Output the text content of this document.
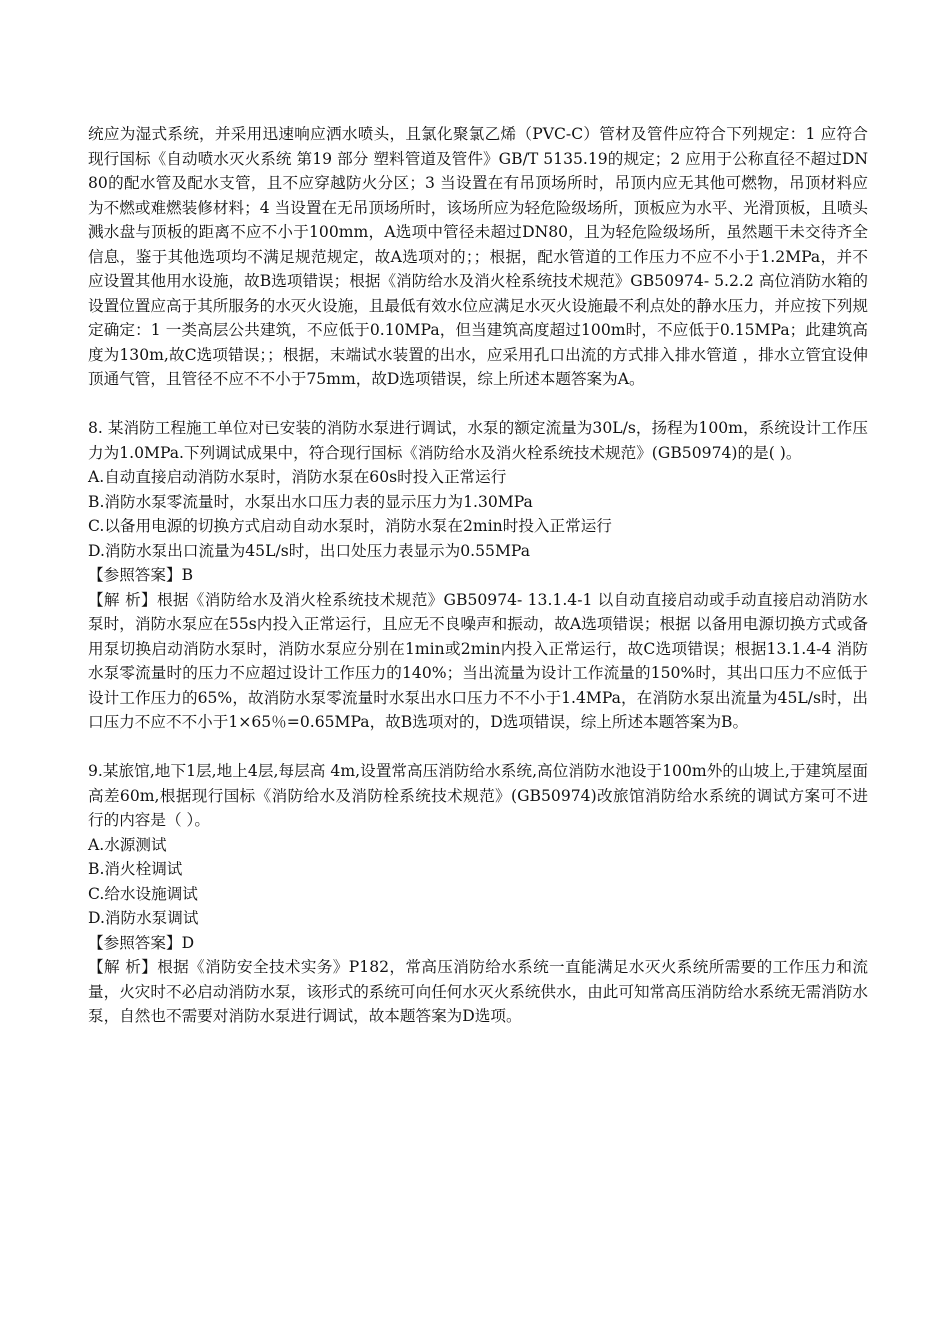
统应为湿式系统，并采用迅速响应洒水喷头，且氯化聚氯乙烯（PVC-C）管材及管件应符合下列规定：1 应符合现行国标《自动喷水灭火系统 第19 部分 塑料管道及管件》GB/T 5135.19的规定；2 应用于公称直径不超过DN80的配水管及配水支管，且不应穿越防火分区；3 当设置在有吊顶场所时，吊顶内应无其他可燃物，吊顶材料应为不燃或难燃装修材料；4 当设置在无吊顶场所时，该场所应为轻危险级场所，顶板应为水平、光滑顶板，且喷头溅水盘与顶板的距离不应不小于100mm，A选项中管径未超过DN80，且为轻危险级场所，虽然题干未交待齐全信息，鉴于其他选项均不满足规范规定，故A选项对的；；根据，配水管道的工作压力不应不小于1.2MPa，并不应设置其他用水设施，故B选项错误；根据《消防给水及消火栓系统技术规范》GB50974- 5.2.2 高位消防水箱的设置位置应高于其所服务的水灭火设施，且最低有效水位应满足水灭火设施最不利点处的静水压力，并应按下列规定确定：1 一类高层公共建筑，不应低于0.10MPa，但当建筑高度超过100m时，不应低于0.15MPa；此建筑高度为130m,故C选项错误；；根据，末端试水装置的出水，应采用孔口出流的方式排入排水管道 ，排水立管宜设伸顶通气管，且管径不应不不小于75mm，故D选项错误，综上所述本题答案为A。

8. 某消防工程施工单位对已安装的消防水泵进行调试，水泵的额定流量为30L/s，扬程为100m，系统设计工作压力为1.0MPa.下列调试成果中，符合现行国标《消防给水及消火栓系统技术规范》(GB50974)的是( )。

A.自动直接启动消防水泵时，消防水泵在60s时投入正常运行

B.消防水泵零流量时，水泵出水口压力表的显示压力为1.30MPa

C.以备用电源的切换方式启动自动水泵时，消防水泵在2min时投入正常运行

D.消防水泵出口流量为45L/s时，出口处压力表显示为0.55MPa

【参照答案】B

【解 析】根据《消防给水及消火栓系统技术规范》GB50974- 13.1.4-1 以自动直接启动或手动直接启动消防水泵时，消防水泵应在55s内投入正常运行，且应无不良噪声和振动，故A选项错误；根据 以备用电源切换方式或备用泵切换启动消防水泵时，消防水泵应分别在1min或2min内投入正常运行，故C选项错误；根据13.1.4-4 消防水泵零流量时的压力不应超过设计工作压力的140%；当出流量为设计工作流量的150%时，其出口压力不应低于设计工作压力的65%，故消防水泵零流量时水泵出水口压力不不小于1.4MPa，在消防水泵出流量为45L/s时，出口压力不应不不小于1×65％=0.65MPa，故B选项对的，D选项错误，综上所述本题答案为B。

9.某旅馆,地下1层,地上4层,每层高 4m,设置常高压消防给水系统,高位消防水池设于100m外的山坡上,于建筑屋面高差60m,根据现行国标《消防给水及消防栓系统技术规范》(GB50974)改旅馆消防给水系统的调试方案可不进行的内容是（ ）。

A.水源测试

B.消火栓调试

C.给水设施调试

D.消防水泵调试

【参照答案】D

【解 析】根据《消防安全技术实务》P182，常高压消防给水系统一直能满足水灭火系统所需要的工作压力和流量，火灾时不必启动消防水泵，该形式的系统可向任何水灭火系统供水，由此可知常高压消防给水系统无需消防水泵，自然也不需要对消防水泵进行调试，故本题答案为D选项。
